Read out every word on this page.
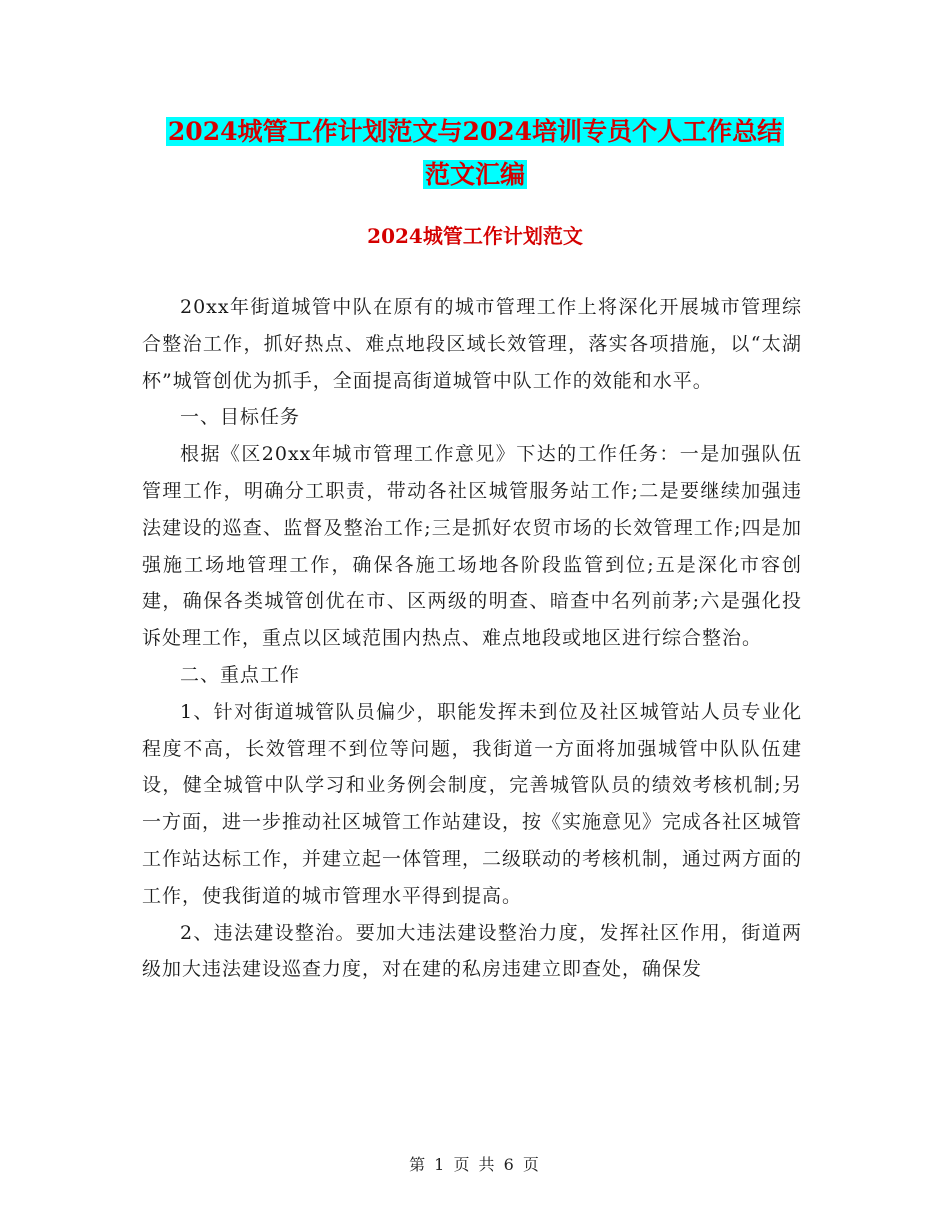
2024城管工作计划范文与2024培训专员个人工作总结
范文汇编
2024城管工作计划范文

20xx年街道城管中队在原有的城市管理工作上将深化开展城市管理综合整治工作，抓好热点、难点地段区域长效管理，落实各项措施，以“太湖杯”城管创优为抓手，全面提高街道城管中队工作的效能和水平。

一、目标任务

根据《区20xx年城市管理工作意见》下达的工作任务：一是加强队伍管理工作，明确分工职责，带动各社区城管服务站工作;二是要继续加强违法建设的巡查、监督及整治工作;三是抓好农贸市场的长效管理工作;四是加强施工场地管理工作，确保各施工场地各阶段监管到位;五是深化市容创建，确保各类城管创优在市、区两级的明查、暗查中名列前茅;六是强化投诉处理工作，重点以区域范围内热点、难点地段或地区进行综合整治。

二、重点工作

1、针对街道城管队员偏少，职能发挥未到位及社区城管站人员专业化程度不高，长效管理不到位等问题，我街道一方面将加强城管中队队伍建设，健全城管中队学习和业务例会制度，完善城管队员的绩效考核机制;另一方面，进一步推动社区城管工作站建设，按《实施意见》完成各社区城管工作站达标工作，并建立起一体管理，二级联动的考核机制，通过两方面的工作，使我街道的城市管理水平得到提高。

2、违法建设整治。要加大违法建设整治力度，发挥社区作用，街道两级加大违法建设巡查力度，对在建的私房违建立即查处，确保发

第 1 页 共 6 页
